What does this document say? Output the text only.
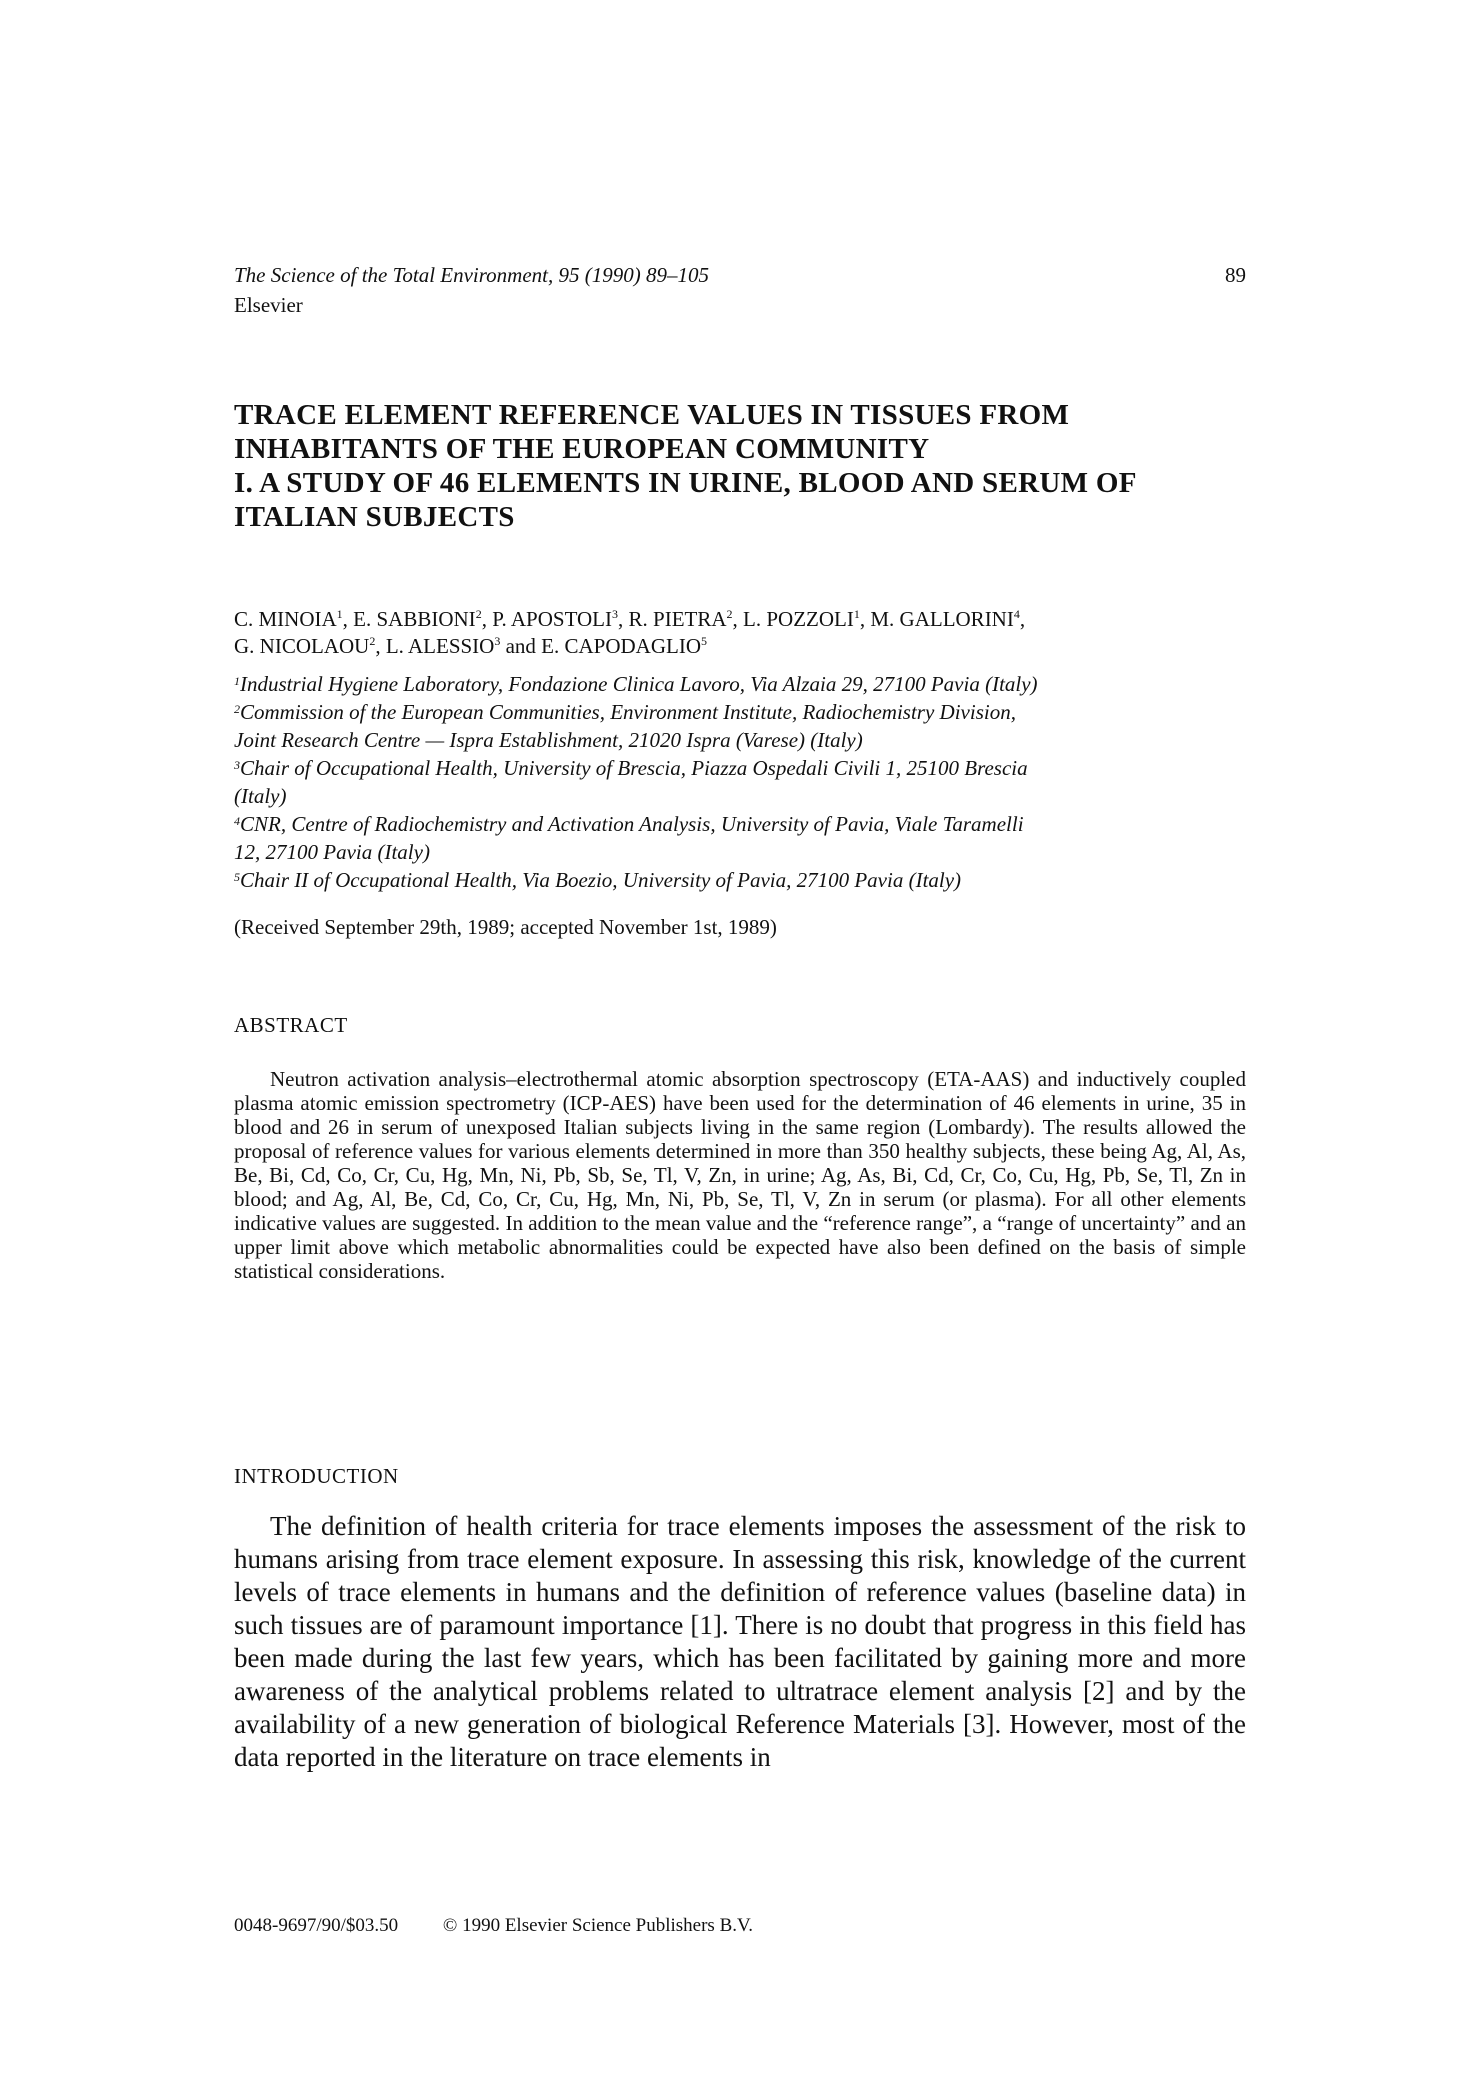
The Science of the Total Environment, 95 (1990) 89–105
Elsevier
89
TRACE ELEMENT REFERENCE VALUES IN TISSUES FROM
INHABITANTS OF THE EUROPEAN COMMUNITY
I. A STUDY OF 46 ELEMENTS IN URINE, BLOOD AND SERUM OF
ITALIAN SUBJECTS
C. MINOIA$^1$, E. SABBIONI$^2$, P. APOSTOLI$^3$, R. PIETRA$^2$, L. POZZOLI$^1$, M. GALLORINI$^4$,
G. NICOLAOU$^2$, L. ALESSIO$^3$ and E. CAPODAGLIO$^5$
$^1$Industrial Hygiene Laboratory, Fondazione Clinica Lavoro, Via Alzaia 29, 27100 Pavia (Italy)
$^2$Commission of the European Communities, Environment Institute, Radiochemistry Division,
Joint Research Centre — Ispra Establishment, 21020 Ispra (Varese) (Italy)
$^3$Chair of Occupational Health, University of Brescia, Piazza Ospedali Civili 1, 25100 Brescia
(Italy)
$^4$CNR, Centre of Radiochemistry and Activation Analysis, University of Pavia, Viale Taramelli
12, 27100 Pavia (Italy)
$^5$Chair II of Occupational Health, Via Boezio, University of Pavia, 27100 Pavia (Italy)
(Received September 29th, 1989; accepted November 1st, 1989)
ABSTRACT

Neutron activation analysis–electrothermal atomic absorption spectroscopy (ETA-AAS) and inductively coupled plasma atomic emission spectrometry (ICP-AES) have been used for the determination of 46 elements in urine, 35 in blood and 26 in serum of unexposed Italian subjects living in the same region (Lombardy). The results allowed the proposal of reference values for various elements determined in more than 350 healthy subjects, these being Ag, Al, As, Be, Bi, Cd, Co, Cr, Cu, Hg, Mn, Ni, Pb, Sb, Se, Tl, V, Zn, in urine; Ag, As, Bi, Cd, Cr, Co, Cu, Hg, Pb, Se, Tl, Zn in blood; and Ag, Al, Be, Cd, Co, Cr, Cu, Hg, Mn, Ni, Pb, Se, Tl, V, Zn in serum (or plasma). For all other elements indicative values are suggested. In addition to the mean value and the “reference range”, a “range of uncertainty” and an upper limit above which metabolic abnormalities could be expected have also been defined on the basis of simple statistical considerations.

INTRODUCTION

The definition of health criteria for trace elements imposes the assessment of the risk to humans arising from trace element exposure. In assessing this risk, knowledge of the current levels of trace elements in humans and the definition of reference values (baseline data) in such tissues are of paramount importance [1]. There is no doubt that progress in this field has been made during the last few years, which has been facilitated by gaining more and more awareness of the analytical problems related to ultratrace element analysis [2] and by the availability of a new generation of biological Reference Materials [3]. However, most of the data reported in the literature on trace elements in

0048-9697/90/$03.50 © 1990 Elsevier Science Publishers B.V.
